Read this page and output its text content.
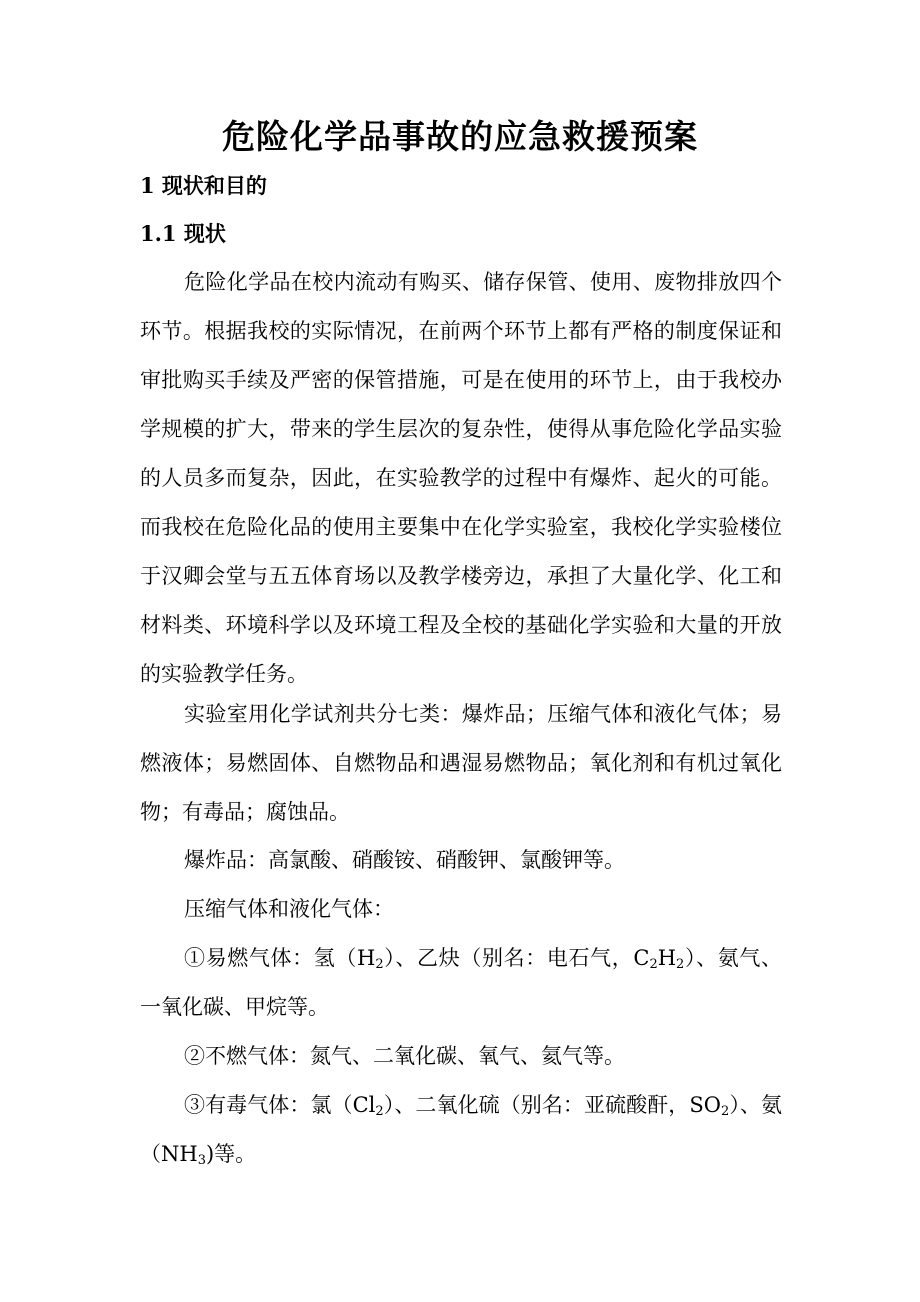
危险化学品事故的应急救援预案
1 现状和目的
1.1 现状

危险化学品在校内流动有购买、储存保管、使用、废物排放四个环节。根据我校的实际情况，在前两个环节上都有严格的制度保证和审批购买手续及严密的保管措施，可是在使用的环节上，由于我校办学规模的扩大，带来的学生层次的复杂性，使得从事危险化学品实验的人员多而复杂，因此，在实验教学的过程中有爆炸、起火的可能。而我校在危险化品的使用主要集中在化学实验室，我校化学实验楼位于汉卿会堂与五五体育场以及教学楼旁边，承担了大量化学、化工和材料类、环境科学以及环境工程及全校的基础化学实验和大量的开放的实验教学任务。

实验室用化学试剂共分七类：爆炸品；压缩气体和液化气体；易燃液体；易燃固体、自燃物品和遇湿易燃物品；氧化剂和有机过氧化物；有毒品；腐蚀品。

爆炸品：高氯酸、硝酸铵、硝酸钾、氯酸钾等。

压缩气体和液化气体：

①易燃气体：氢$(H_2)$、乙炔（别名：电石气，$C_2H_2$）、氨气、一氧化碳、甲烷等。

②不燃气体：氮气、二氧化碳、氧气、氦气等。

③有毒气体：氯$(Cl_2)$、二氧化硫（别名：亚硫酸酐，$SO_2$）、氨$(NH_3)$等。
